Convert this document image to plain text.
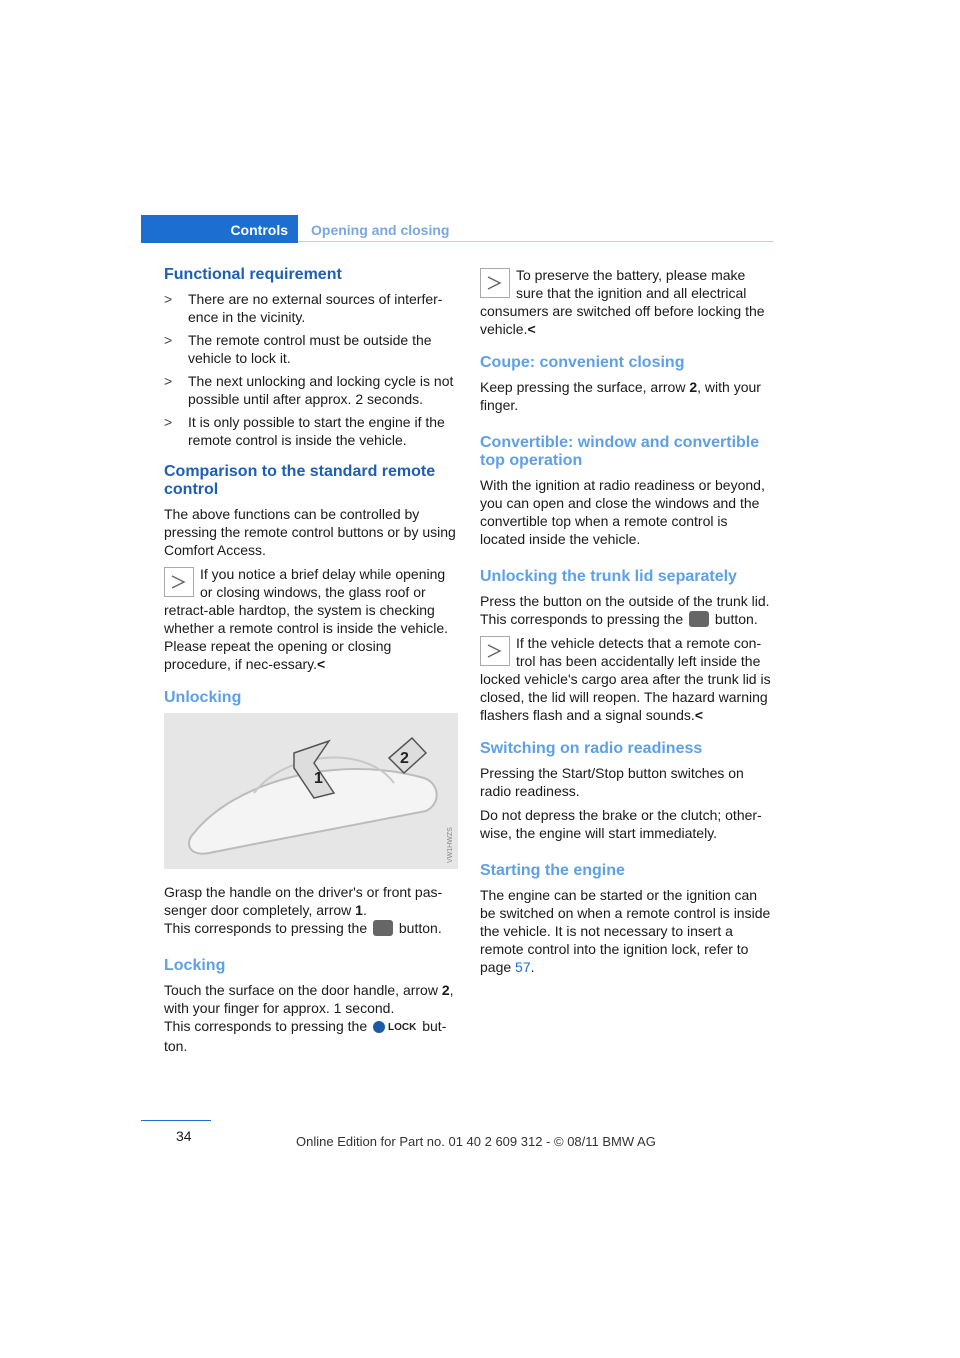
Controls Opening and closing
Functional requirement
> There are no external sources of interfer-ence in the vicinity.
> The remote control must be outside the vehicle to lock it.
> The next unlocking and locking cycle is not possible until after approx. 2 seconds.
> It is only possible to start the engine if the remote control is inside the vehicle.
Comparison to the standard remote control

The above functions can be controlled by pressing the remote control buttons or by using Comfort Access.

If you notice a brief delay while opening or closing windows, the glass roof or retract-able hardtop, the system is checking whether a remote control is inside the vehicle. Please repeat the opening or closing procedure, if nec-essary.<
Unlocking
1
2
VW1HWZS

Grasp the handle on the driver's or front pas-senger door completely, arrow 1.
This corresponds to pressing the  button.

Locking

Touch the surface on the door handle, arrow 2, with your finger for approx. 1 second.
This corresponds to pressing the LOCK but-ton.

To preserve the battery, please make sure that the ignition and all electrical consumers are switched off before locking the vehicle.<
Coupe: convenient closing

Keep pressing the surface, arrow 2, with your finger.

Convertible: window and convertible top operation

With the ignition at radio readiness or beyond, you can open and close the windows and the convertible top when a remote control is located inside the vehicle.

Unlocking the trunk lid separately

Press the button on the outside of the trunk lid. This corresponds to pressing the  button.

If the vehicle detects that a remote con-trol has been accidentally left inside the locked vehicle's cargo area after the trunk lid is closed, the lid will reopen. The hazard warning flashers flash and a signal sounds.<
Switching on radio readiness

Pressing the Start/Stop button switches on radio readiness.

Do not depress the brake or the clutch; other-wise, the engine will start immediately.

Starting the engine

The engine can be started or the ignition can be switched on when a remote control is inside the vehicle. It is not necessary to insert a remote control into the ignition lock, refer to page 57.

34	Online Edition for Part no. 01 40 2 609 312 - © 08/11 BMW AG
